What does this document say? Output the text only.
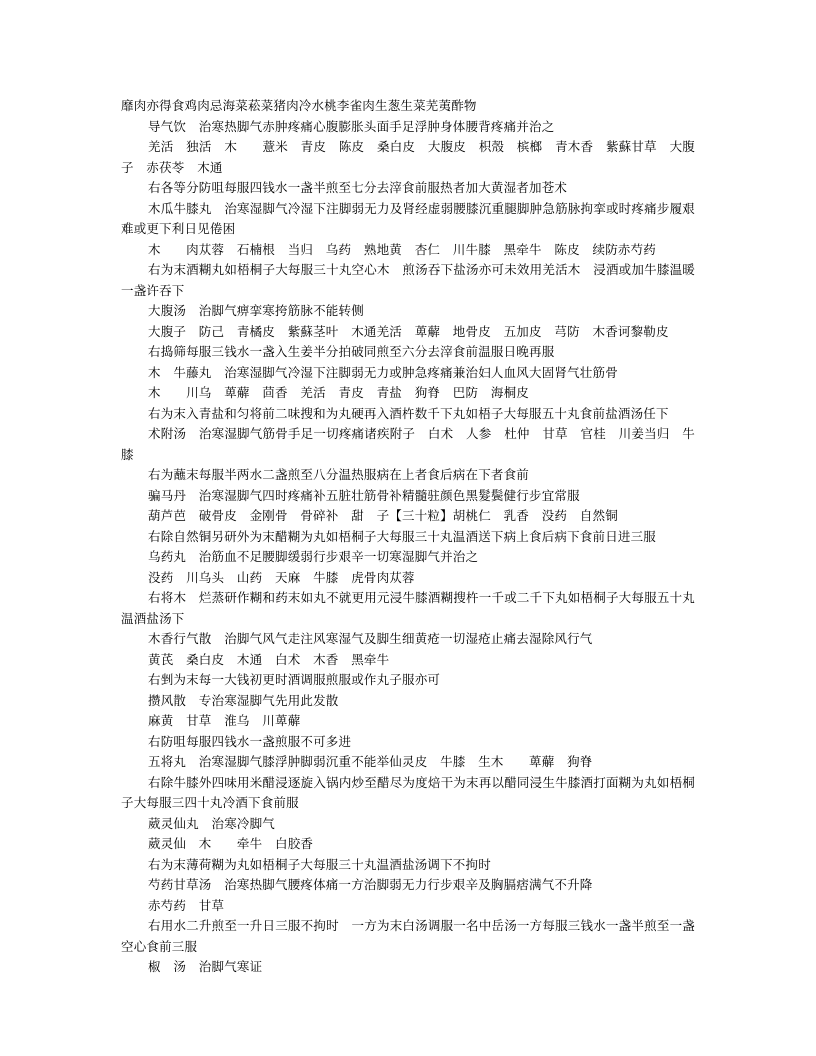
靡肉亦得食鸡肉忌海菜菘菜猪肉冷水桃李雀肉生葱生菜芜荑酢物

导气饮　治寒热脚气赤肿疼痛心腹膨胀头面手足浮肿身体腰背疼痛并治之

羌活　独活　木　　薏米　青皮　陈皮　桑白皮　大腹皮　枳殼　槟榔　青木香　紫蘇甘草　大腹子　赤茯苓　木通

右各等分防咀每服四钱水一盏半煎至七分去滓食前服热者加大黄湿者加苍术

木瓜牛膝丸　治寒湿脚气冷湿下注脚弱无力及肾经虚弱腰膝沉重腿脚肿急筋脉拘挛或时疼痛步履艰难或更下利日见倦困

木　　肉苁蓉　石楠根　当归　乌药　熟地黄　杏仁　川牛膝　黑牵牛　陈皮　续防赤芍药

右为末酒糊丸如梧桐子大每服三十丸空心木　煎汤吞下盐汤亦可未效用羌活木　浸酒或加牛膝温暖一盏许吞下

大腹汤　治脚气痹挛寒挎筋脉不能转侧

大腹子　防己　青橘皮　紫蘇茎叶　木通羌活　萆薢　地骨皮　五加皮　芎防　木香诃黎勒皮

右捣筛每服三钱水一盏入生姜半分拍破同煎至六分去滓食前温服日晚再服

木　牛藤丸　治寒湿脚气冷湿下注脚弱无力或肿急疼痛兼治妇人血风大固肾气壮筋骨

木　　川乌　萆薢　茴香　羌活　青皮　青盐　狗脊　巴防　海桐皮

右为末入青盐和匀将前二味搜和为丸硬再入酒杵数千下丸如梧子大每服五十丸食前盐酒汤任下

术附汤　治寒湿脚气筋骨手足一切疼痛诸疾附子　白术　人参　杜仲　甘草　官桂　川姜当归　牛膝

右为蘸末每服半两水二盏煎至八分温热服病在上者食后病在下者食前

骗马丹　治寒湿脚气四时疼痛补五脏壮筋骨补精髓驻颜色黑髮鬓健行步宜常服

葫芦芭　破骨皮　金刚骨　骨碎补　甜　子【三十粒】胡桃仁　乳香　没药　自然铜

右除自然铜另研外为末醋糊为丸如梧桐子大每服三十丸温酒送下病上食后病下食前日进三服

乌药丸　治筋血不足腰脚缓弱行步艰辛一切寒湿脚气并治之

没药　川乌头　山药　天麻　牛膝　虎骨肉苁蓉

右将木　烂蒸研作糊和药末如丸不就更用元浸牛膝酒糊搜杵一千或二千下丸如梧桐子大每服五十丸温酒盐汤下

木香行气散　治脚气风气走注风寒湿气及脚生细黄疮一切湿疮止痛去湿除风行气

黄芪　桑白皮　木通　白术　木香　黑牵牛

右剉为末每一大钱初更时酒调服煎服或作丸子服亦可

攒风散　专治寒湿脚气先用此发散

麻黄　甘草　淮乌　川萆薢

右防咀每服四钱水一盏煎服不可多进

五将丸　治寒湿脚气膝浮肿脚弱沉重不能举仙灵皮　牛膝　生木　　萆薢　狗脊

右除牛膝外四味用米醋浸逐旋入锅内炒至醋尽为度焙干为末再以醋同浸生牛膝酒打面糊为丸如梧桐子大每服三四十丸冷酒下食前服

葳灵仙丸　治寒冷脚气

葳灵仙　木　　牵牛　白胶香

右为末薄荷糊为丸如梧桐子大每服三十丸温酒盐汤调下不拘时

芍药甘草汤　治寒热脚气腰疼体痛一方治脚弱无力行步艰辛及胸膈痞满气不升降

赤芍药　甘草

右用水二升煎至一升日三服不拘时　一方为末白汤调服一名中岳汤一方每服三钱水一盏半煎至一盏空心食前三服

椒　汤　治脚气寒证
